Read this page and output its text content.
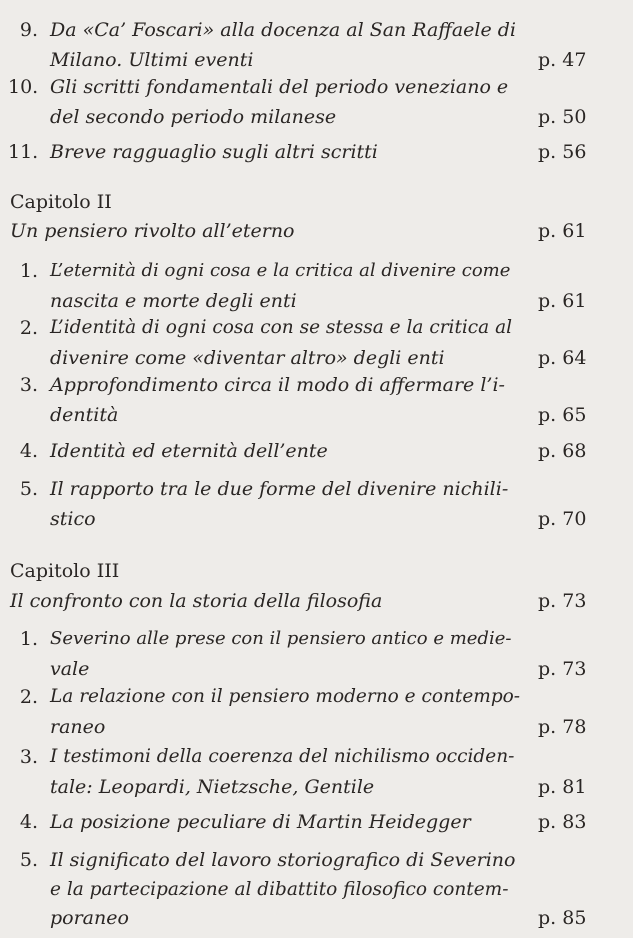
9. Da «Ca’ Foscari» alla docenza al San Raffaele di
Milano. Ultimi eventi	p. 47
10. Gli scritti fondamentali del periodo veneziano e
del secondo periodo milanese	p. 50
11. Breve ragguaglio sugli altri scritti	p. 56
Capitolo II
Un pensiero rivolto all’eterno	p. 61
1. L’eternità di ogni cosa e la critica al divenire come
nascita e morte degli enti	p. 61
2. L’identità di ogni cosa con se stessa e la critica al
divenire come «diventar altro» degli enti	p. 64
3. Approfondimento circa il modo di affermare l’i-
dentità	p. 65
4. Identità ed eternità dell’ente	p. 68
5. Il rapporto tra le due forme del divenire nichili-
stico	p. 70
Capitolo III
Il confronto con la storia della filosofia	p. 73
1. Severino alle prese con il pensiero antico e medie-
vale	p. 73
2. La relazione con il pensiero moderno e contempo-
raneo	p. 78
3. I testimoni della coerenza del nichilismo occiden-
tale: Leopardi, Nietzsche, Gentile	p. 81
4. La posizione peculiare di Martin Heidegger	p. 83
5. Il significato del lavoro storiografico di Severino
e la partecipazione al dibattito filosofico contem-
poraneo	p. 85
